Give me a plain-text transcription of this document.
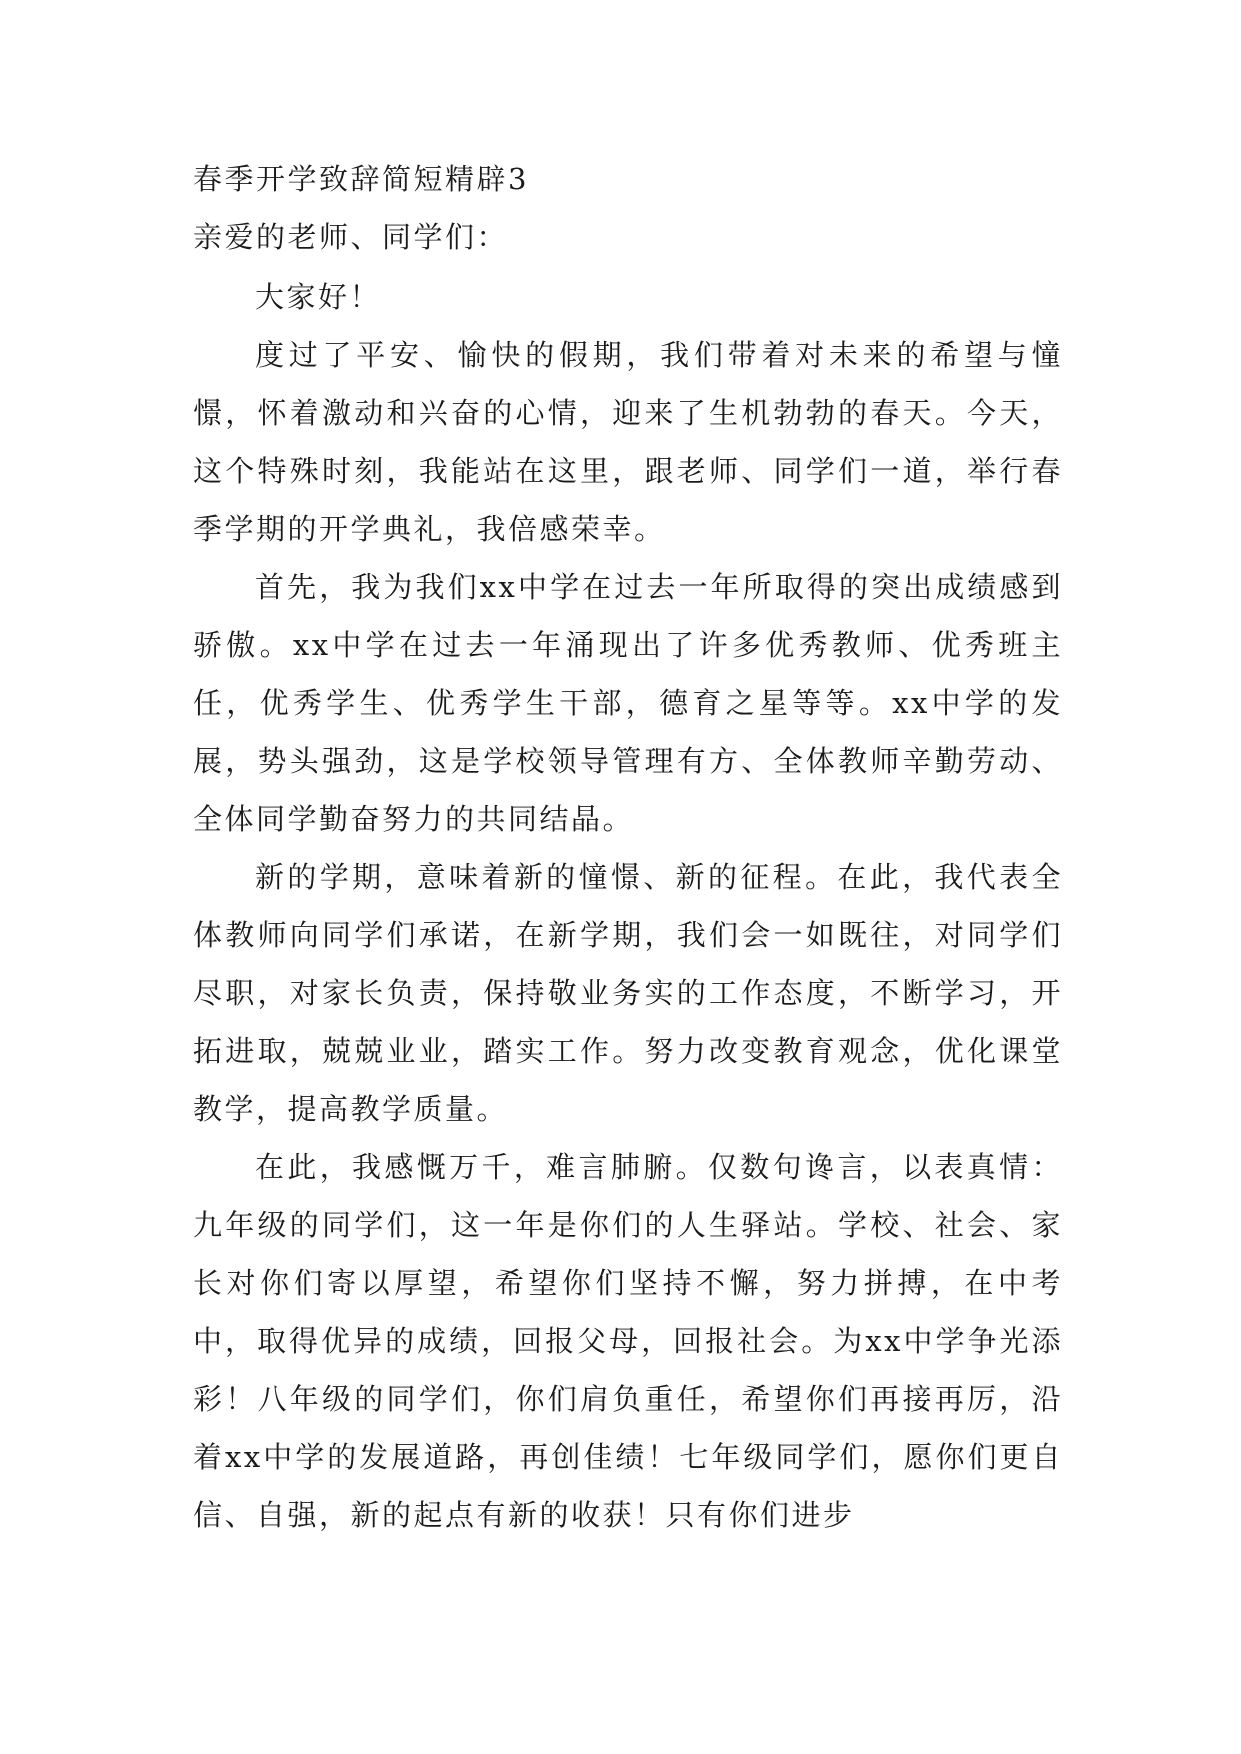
春季开学致辞简短精辟3

亲爱的老师、同学们：

大家好！

度过了平安、愉快的假期，我们带着对未来的希望与憧憬，怀着激动和兴奋的心情，迎来了生机勃勃的春天。今天，这个特殊时刻，我能站在这里，跟老师、同学们一道，举行春季学期的开学典礼，我倍感荣幸。

首先，我为我们xx中学在过去一年所取得的突出成绩感到骄傲。xx中学在过去一年涌现出了许多优秀教师、优秀班主任，优秀学生、优秀学生干部，德育之星等等。xx中学的发展，势头强劲，这是学校领导管理有方、全体教师辛勤劳动、全体同学勤奋努力的共同结晶。

新的学期，意味着新的憧憬、新的征程。在此，我代表全体教师向同学们承诺，在新学期，我们会一如既往，对同学们尽职，对家长负责，保持敬业务实的工作态度，不断学习，开拓进取，兢兢业业，踏实工作。努力改变教育观念，优化课堂教学，提高教学质量。

在此，我感慨万千，难言肺腑。仅数句谗言，以表真情：九年级的同学们，这一年是你们的人生驿站。学校、社会、家长对你们寄以厚望，希望你们坚持不懈，努力拼搏，在中考中，取得优异的成绩，回报父母，回报社会。为xx中学争光添彩！八年级的同学们，你们肩负重任，希望你们再接再厉，沿着xx中学的发展道路，再创佳绩！七年级同学们，愿你们更自信、自强，新的起点有新的收获！只有你们进步
